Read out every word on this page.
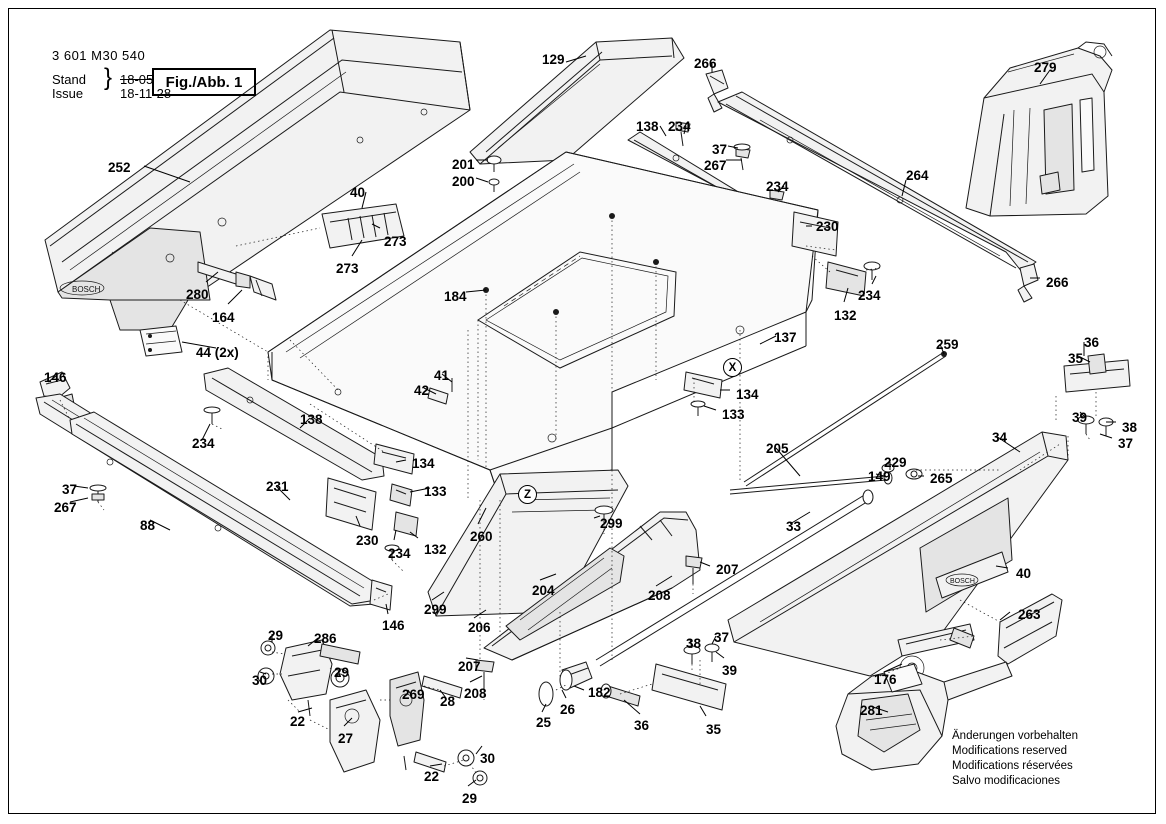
BOSCH
BOSCH
3 601 M30 540
Stand
Issue
} 18-05
18-11-28
Fig./Abb. 1
Änderungen vorbehalten
Modifications reserved
Modifications réservées
Salvo modificaciones
252
129	266	279
138 234
201
200
37
267
234
264
40
230
273
273
280
164
184	234
266
132
137	259	36
35
44 (2x)
134
39
38
133
37
146	41
42
138
234	34
205
229
149	265
134
231	133
37
267
88	33
230
234 132
260
299
40
207
208
204
146
299
206
263
29 286
207
208
38 37
39
176
30
29
269	182
26
25	36	35
281
22
27
28
30
22
29
X
Z
